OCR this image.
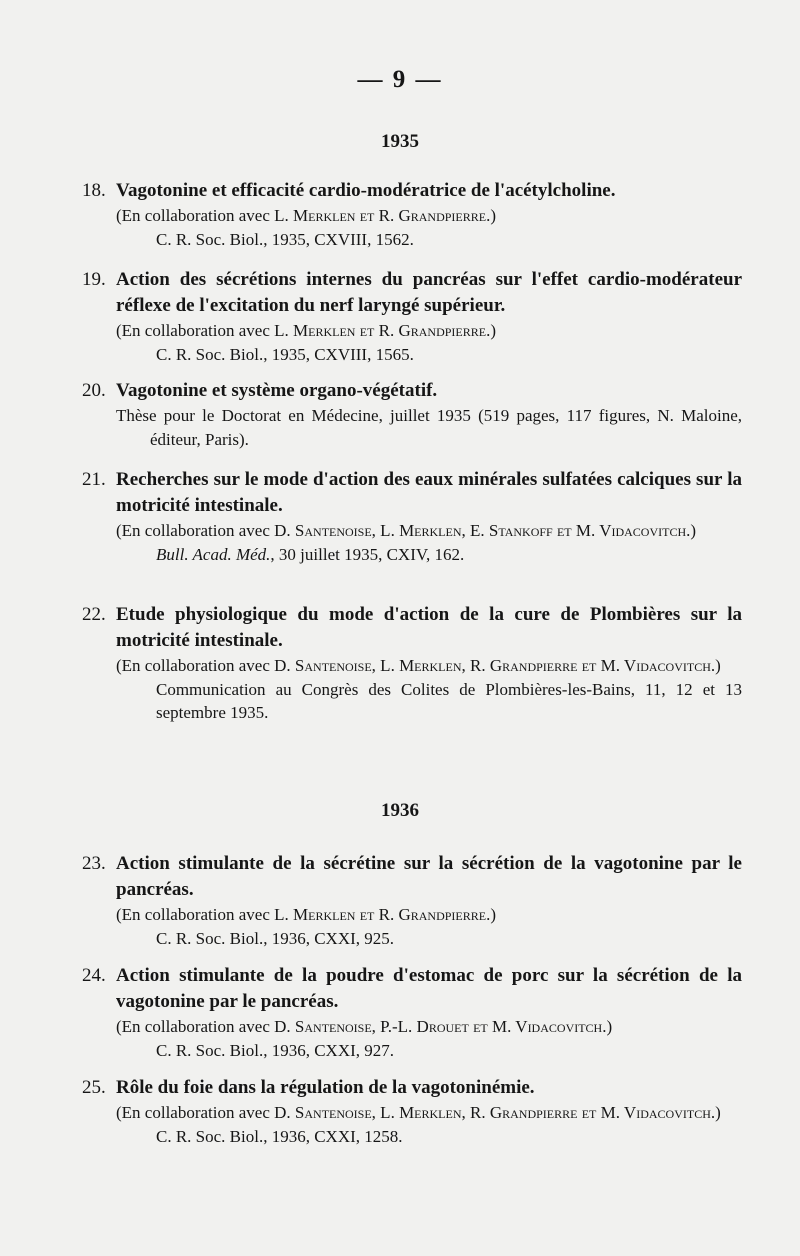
— 9 —
1935

18. Vagotonine et efficacité cardio-modératrice de l'acétylcholine.

(En collaboration avec L. Merklen et R. Grandpierre.)

C. R. Soc. Biol., 1935, CXVIII, 1562.

19. Action des sécrétions internes du pancréas sur l'effet cardio-modérateur réflexe de l'excitation du nerf laryngé supérieur.

(En collaboration avec L. Merklen et R. Grandpierre.)

C. R. Soc. Biol., 1935, CXVIII, 1565.

20. Vagotonine et système organo-végétatif.

Thèse pour le Doctorat en Médecine, juillet 1935 (519 pages, 117 figures, N. Maloine, éditeur, Paris).

21. Recherches sur le mode d'action des eaux minérales sulfatées calciques sur la motricité intestinale.

(En collaboration avec D. Santenoise, L. Merklen, E. Stankoff et M. Vidacovitch.)

Bull. Acad. Méd., 30 juillet 1935, CXIV, 162.

22. Etude physiologique du mode d'action de la cure de Plombières sur la motricité intestinale.

(En collaboration avec D. Santenoise, L. Merklen, R. Grandpierre et M. Vidacovitch.)

Communication au Congrès des Colites de Plombières-les-Bains, 11, 12 et 13 septembre 1935.

1936

23. Action stimulante de la sécrétine sur la sécrétion de la vagotonine par le pancréas.

(En collaboration avec L. Merklen et R. Grandpierre.)

C. R. Soc. Biol., 1936, CXXI, 925.

24. Action stimulante de la poudre d'estomac de porc sur la sécrétion de la vagotonine par le pancréas.

(En collaboration avec D. Santenoise, P.-L. Drouet et M. Vidacovitch.)

C. R. Soc. Biol., 1936, CXXI, 927.

25. Rôle du foie dans la régulation de la vagotoninémie.

(En collaboration avec D. Santenoise, L. Merklen, R. Grandpierre et M. Vidacovitch.)

C. R. Soc. Biol., 1936, CXXI, 1258.
